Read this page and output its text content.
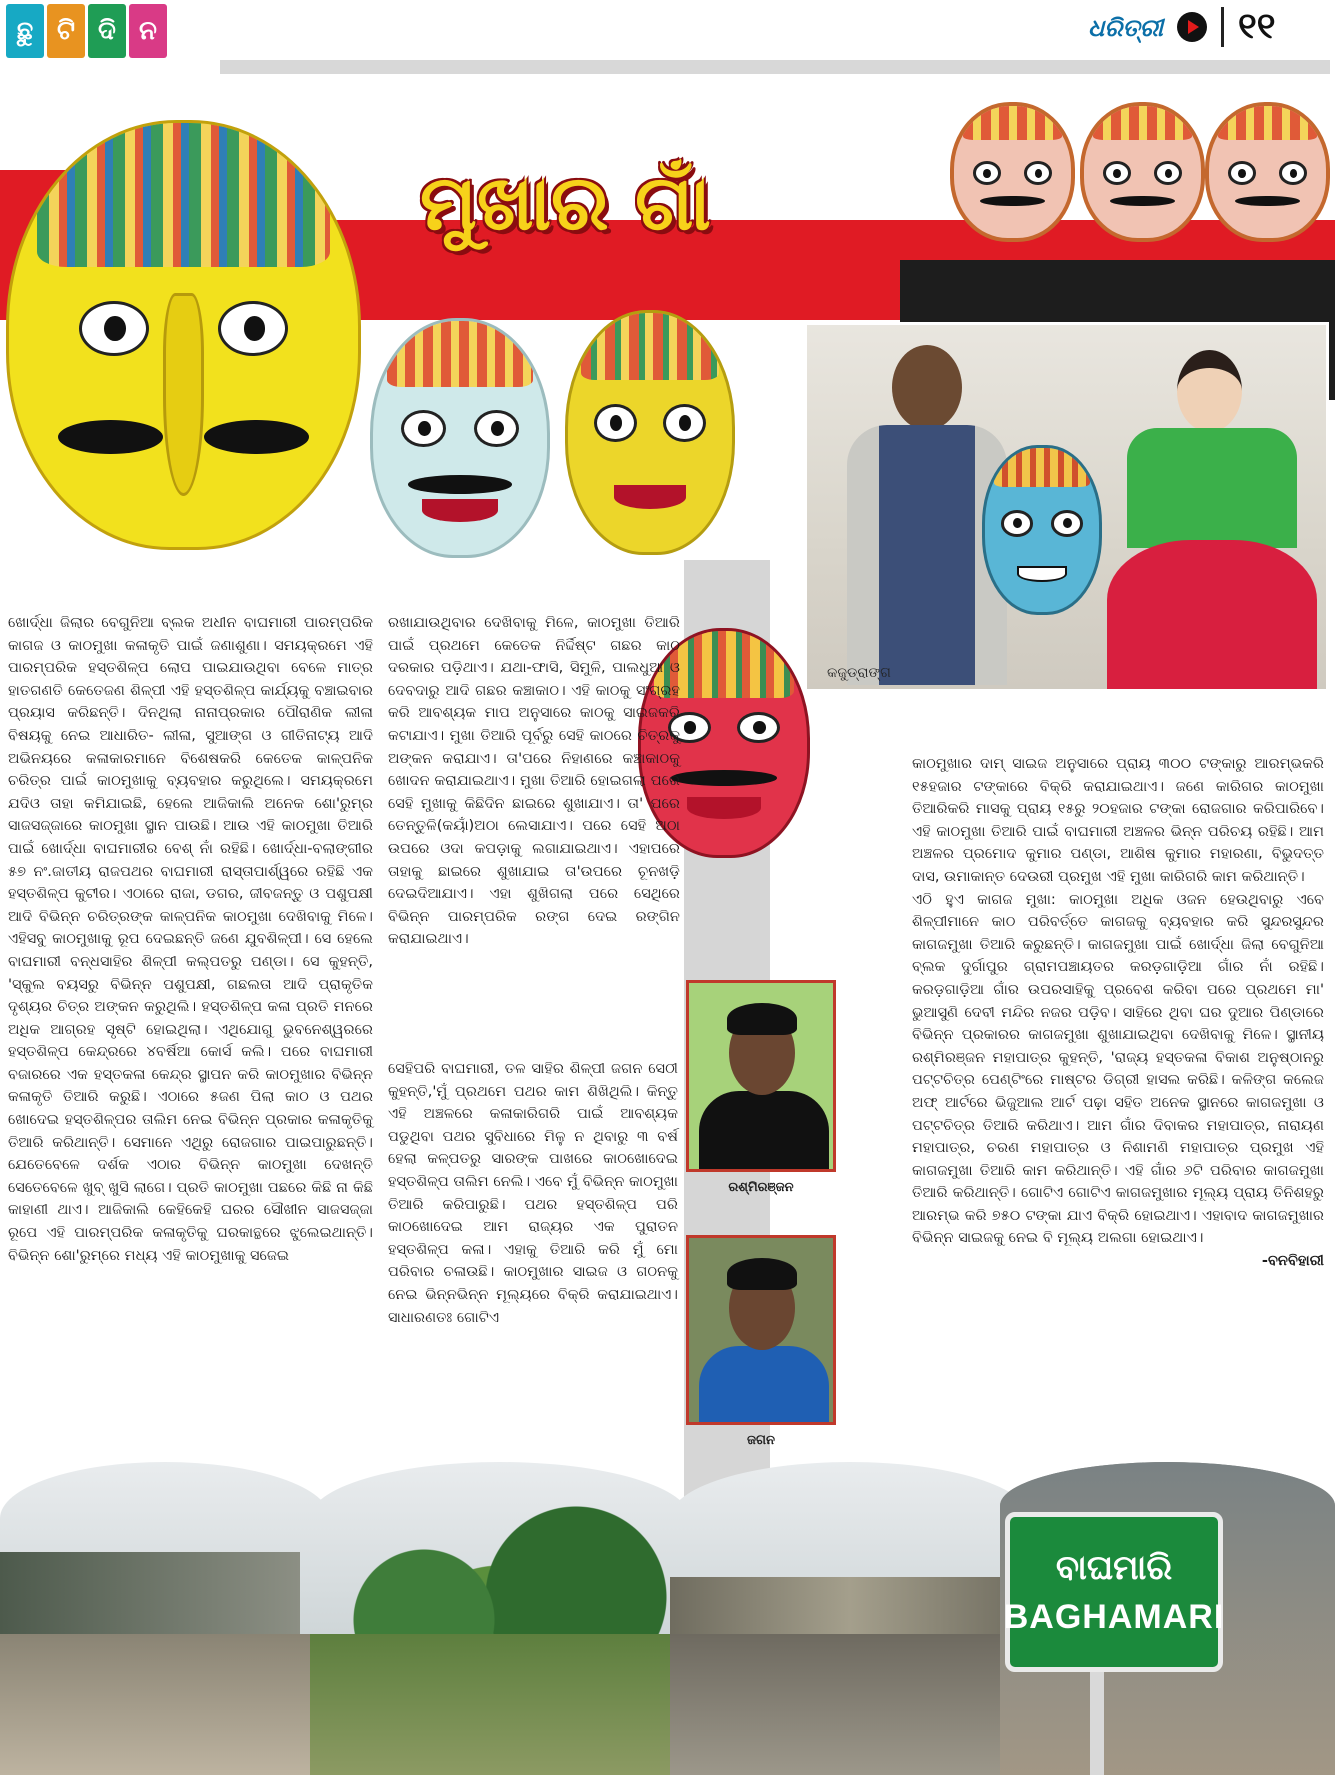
ଛୁ ଟି ଦି ନ	ଧରିତ୍ରୀ ୧୧
ମୁଖାର ଗାଁ
କଜୁଡ୍ରାଙ୍ଗ

ଖୋର୍ଦ୍ଧା ଜିଲାର ବେଗୁନିଆ ବ୍ଲକ ଅଧୀନ ବାଘମାରୀ ପାରମ୍ପରିକ କାଗଜ ଓ କାଠମୁଖା କଳାକୃତି ପାଇଁ ଜଣାଶୁଣା। ସମୟକ୍ରମେ ଏହି ପାରମ୍ପରିକ ହସ୍ତଶିଳ୍ପ ଲୋପ ପାଇଯାଉଥିବା ବେଳେ ମାତ୍ର ହାତଗଣତି କେତେଜଣ ଶିଳ୍ପୀ ଏହି ହସ୍ତଶିଳ୍ପ କାର୍ଯ୍ୟକୁ ବଞ୍ଚାଇବାର ପ୍ରୟାସ କରିଛନ୍ତି। ଦିନଥିଲା ନାନାପ୍ରକାର ପୌରାଣିକ ଲୀଳା ବିଷୟକୁ ନେଇ ଆଧାରିତ- ଲୀଳା, ସୁଆଙ୍ଗ ଓ ଗୀତିନାଟ୍ୟ ଆଦି ଅଭିନୟରେ କଳାକାରମାନେ ବିଶେଷକରି କେତେକ କାଳ୍ପନିକ ଚରିତ୍ର ପାଇଁ କାଠମୁଖାକୁ ବ୍ୟବହାର କରୁଥିଲେ। ସମୟକ୍ରମେ ଯଦିଓ ତାହା କମିଯାଇଛି, ହେଲେ ଆଜିକାଲି ଅନେକ ଶୋ'ରୁମ୍‌ର ସାଜସଜ୍ଜାରେ କାଠମୁଖା ସ୍ଥାନ ପାଉଛି। ଆଉ ଏହି କାଠମୁଖା ତିଆରି ପାଇଁ ଖୋର୍ଦ୍ଧା ବାଘମାରୀର ବେଶ୍ ନାଁ ରହିଛି। ଖୋର୍ଦ୍ଧା-ବଲାଙ୍ଗୀର ୫୭ ନଂ.ଜାତୀୟ ରାଜପଥର ବାଘମାରୀ ରାସ୍ତାପାର୍ଶ୍ୱରେ ରହିଛି ଏକ ହସ୍ତଶିଳ୍ପ କୁଟୀର। ଏଠାରେ ରାଜା, ଡଗର, ଜୀବଜନ୍ତୁ ଓ ପଶୁପକ୍ଷୀ ଆଦି ବିଭିନ୍ନ ଚରିତ୍ରଙ୍କ କାଳ୍ପନିକ କାଠମୁଖା ଦେଖିବାକୁ ମିଳେ। ଏହିସବୁ କାଠମୁଖାକୁ ରୂପ ଦେଇଛନ୍ତି ଜଣେ ଯୁବଶିଳ୍ପୀ। ସେ ହେଲେ ବାଘମାରୀ ବନ୍ଧସାହିର ଶିଳ୍ପୀ କଲ୍ପତରୁ ପଣ୍ଡା। ସେ କୁହନ୍ତି, 'ସ୍କୁଲ ବୟସରୁ ବିଭିନ୍ନ ପଶୁପକ୍ଷୀ, ଗଛଲତା ଆଦି ପ୍ରାକୃତିକ ଦୃଶ୍ୟର ଚିତ୍ର ଅଙ୍କନ କରୁଥିଲି। ହସ୍ତଶିଳ୍ପ କଳା ପ୍ରତି ମନରେ ଅଧିକ ଆଗ୍ରହ ସୃଷ୍ଟି ହୋଇଥିଲା। ଏଥିଯୋଗୁ ଭୁବନେଶ୍ୱରରେ ହସ୍ତଶିଳ୍ପ କେନ୍ଦ୍ରରେ ୪ବର୍ଷିଆ କୋର୍ସ କଲି। ପରେ ବାଘମାରୀ ବଜାରରେ ଏକ ହସ୍ତକଳା କେନ୍ଦ୍ର ସ୍ଥାପନ କରି କାଠମୁଖାର ବିଭିନ୍ନ କଳାକୃତି ତିଆରି କରୁଛି। ଏଠାରେ ୫ଜଣ ପିଲା କାଠ ଓ ପଥର ଖୋଦେଇ ହସ୍ତଶିଳ୍ପର ତାଲିମ ନେଇ ବିଭିନ୍ନ ପ୍ରକାର କଳାକୃତିକୁ ତିଆରି କରିଥାନ୍ତି। ସେମାନେ ଏଥିରୁ ରୋଜଗାର ପାଇପାରୁଛନ୍ତି। ଯେତେବେଳେ ଦର୍ଶକ ଏଠାର ବିଭିନ୍ନ କାଠମୁଖା ଦେଖନ୍ତି ସେତେବେଳେ ଖୁବ୍ ଖୁସି ଲାଗେ। ପ୍ରତି କାଠମୁଖା ପଛରେ କିଛି ନା କିଛି କାହାଣୀ ଥାଏ। ଆଜିକାଲି କେହିକେହି ଘରର ସୌଖୀନ ସାଜସଜ୍ଜା ରୂପେ ଏହି ପାରମ୍ପରିକ କଳାକୃତିକୁ ଘରକାନ୍ଥରେ ଝୁଲେଇଥାନ୍ତି। ବିଭିନ୍ନ ଶୋ'ରୁମ୍‌ରେ ମଧ୍ୟ ଏହି କାଠମୁଖାକୁ ସଜେଇ

ରଖାଯାଉଥିବାର ଦେଖିବାକୁ ମିଳେ, କାଠମୁଖା ତିଆରି ପାଇଁ ପ୍ରଥମେ କେତେକ ନିର୍ଦ୍ଦିଷ୍ଟ ଗଛର କାଠ ଦରକାର ପଡ଼ିଥାଏ। ଯଥା-ଫାସି, ସିମୁଳି, ପାଲଧୁଆ ଓ ଦେବଦାରୁ ଆଦି ଗଛର କଞ୍ଚାକାଠ। ଏହି କାଠକୁ ସଂଗ୍ରହ କରି ଆବଶ୍ୟକ ମାପ ଅନୁସାରେ କାଠକୁ ସାଇଜକରି କଟାଯାଏ। ମୁଖା ତିଆରି ପୂର୍ବରୁ ସେହି କାଠରେ ଚିତ୍ରକୁ ଅଙ୍କନ କରାଯାଏ। ତା'ପରେ ନିହାଣରେ କଞ୍ଚାକାଠକୁ ଖୋଦନ କରାଯାଇଥାଏ। ମୁଖା ତିଆରି ହୋଇଗଲା ପରେ ସେହି ମୁଖାକୁ କିଛିଦିନ ଛାଇରେ ଶୁଖାଯାଏ। ତା' ପରେ ତେନ୍ତୁଳି(କୟାଁ)ଅଠା ଲେସାଯାଏ। ପରେ ସେହି ଅଠା ଉପରେ ଓଦା କପଡ଼ାକୁ ଲଗାଯାଇଥାଏ। ଏହାପରେ ତାହାକୁ ଛାଇରେ ଶୁଖାଯାଇ ତା'ଉପରେ ଚୂନଖଡ଼ି ଦେଇଦିଆଯାଏ। ଏହା ଶୁଖିଗଲା ପରେ ସେଥିରେ ବିଭିନ୍ନ ପାରମ୍ପରିକ ରଙ୍ଗ ଦେଇ ରଙ୍ଗିନ କରାଯାଇଥାଏ।

ସେହିପରି ବାଘମାରୀ, ତଳ ସାହିର ଶିଳ୍ପୀ ଜଗନ ସେଠୀ କୁହନ୍ତି,'ମୁଁ ପ୍ରଥମେ ପଥର କାମ ଶିଖିଥିଲି। କିନ୍ତୁ ଏହି ଅଞ୍ଚଳରେ କଳାକାରିଗରି ପାଇଁ ଆବଶ୍ୟକ ପଡୁଥିବା ପଥର ସୁବିଧାରେ ମିଳୁ ନ ଥିବାରୁ ୩ ବର୍ଷ ହେଲା କଳ୍ପତରୁ ସାରଙ୍କ ପାଖରେ କାଠଖୋଦେଇ ହସ୍ତଶିଳ୍ପ ତାଲିମ ନେଲି। ଏବେ ମୁଁ ବିଭିନ୍ନ କାଠମୁଖା ତିଆରି କରିପାରୁଛି। ପଥର ହସ୍ତଶିଳ୍ପ ପରି କାଠଖୋଦେଇ ଆମ ରାଜ୍ୟର ଏକ ପୁରାତନ ହସ୍ତଶିଳ୍ପ କଳା। ଏହାକୁ ତିଆରି କରି ମୁଁ ମୋ ପରିବାର ଚଳାଉଛି। କାଠମୁଖାର ସାଇଜ ଓ ଗଠନକୁ ନେଇ ଭିନ୍ନଭିନ୍ନ ମୂଲ୍ୟରେ ବିକ୍ରି କରାଯାଇଥାଏ। ସାଧାରଣତଃ ଗୋଟିଏ

କାଠମୁଖାର ଦାମ୍ ସାଇଜ ଅନୁସାରେ ପ୍ରାୟ ୩୦୦ ଟଙ୍କାରୁ ଆରମ୍ଭକରି ୧୫ହଜାର ଟଙ୍କାରେ ବିକ୍ରି କରାଯାଇଥାଏ। ଜଣେ କାରିଗର କାଠମୁଖା ତିଆରିକରି ମାସକୁ ପ୍ରାୟ ୧୫ରୁ ୨୦ହଜାର ଟଙ୍କା ରୋଜଗାର କରିପାରିବେ। ଏହି କାଠମୁଖା ତିଆରି ପାଇଁ ବାଘମାରୀ ଅଞ୍ଚଳର ଭିନ୍ନ ପରିଚୟ ରହିଛି। ଆମ ଅଞ୍ଚଳର ପ୍ରମୋଦ କୁମାର ପଣ୍ଡା, ଆଶିଷ କୁମାର ମହାରଣା, ବିଭୁଦତ୍ତ ଦାସ, ଉମାକାନ୍ତ ଦେଉରୀ ପ୍ରମୁଖ ଏହି ମୁଖା କାରିଗରି କାମ କରିଥାନ୍ତି।

ଏଠି ହୁଏ କାଗଜ ମୁଖା: କାଠମୁଖା ଅଧିକ ଓଜନ ହେଉଥିବାରୁ ଏବେ ଶିଳ୍ପୀମାନେ କାଠ ପରିବର୍ତ୍ତେ କାଗଜକୁ ବ୍ୟବହାର କରି ସୁନ୍ଦରସୁନ୍ଦର କାଗଜମୁଖା ତିଆରି କରୁଛନ୍ତି। କାଗଜମୁଖା ପାଇଁ ଖୋର୍ଦ୍ଧା ଜିଲା ବେଗୁନିଆ ବ୍ଲକ ଦୁର୍ଗାପୁର ଗ୍ରାମପଞ୍ଚାୟତର କରଡ଼ଗାଡ଼ିଆ ଗାଁର ନାଁ ରହିଛି। କରଡ଼ଗାଡ଼ିଆ ଗାଁର ଉପରସାହିକୁ ପ୍ରବେଶ କରିବା ପରେ ପ୍ରଥମେ ମା' ଭୁଆସୁଣି ଦେବୀ ମନ୍ଦିର ନଜର ପଡ଼ିବ। ସାହିରେ ଥିବା ଘର ଦୁଆର ପିଣ୍ଡାରେ ବିଭିନ୍ନ ପ୍ରକାରର କାଗଜମୁଖା ଶୁଖାଯାଇଥିବା ଦେଖିବାକୁ ମିଳେ। ସ୍ଥାନୀୟ ରଶ୍ମିରଞ୍ଜନ ମହାପାତ୍ର କୁହନ୍ତି, 'ରାଜ୍ୟ ହସ୍ତକଳା ବିକାଶ ଅନୁଷ୍ଠାନରୁ ପଟ୍ଟଚିତ୍ର ପେଣ୍ଟିଂରେ ମାଷ୍ଟର ଡିଗ୍ରୀ ହାସଲ କରିଛି। କଳିଙ୍ଗ କଲେଜ ଅଫ୍ ଆର୍ଟରେ ଭିଜୁଆଲ ଆର୍ଟ ପଢ଼ା ସହିତ ଅନେକ ସ୍ଥାନରେ କାଗଜମୁଖା ଓ ପଟ୍ଟଚିତ୍ର ତିଆରି କରିଥାଏ। ଆମ ଗାଁର ଦିବାକର ମହାପାତ୍ର, ନାରାୟଣ ମହାପାତ୍ର, ଚରଣ ମହାପାତ୍ର ଓ ନିଶାମଣି ମହାପାତ୍ର ପ୍ରମୁଖ ଏହି କାଗଜମୁଖା ତିଆରି କାମ କରିଥାନ୍ତି। ଏହି ଗାଁର ୬ଟି ପରିବାର କାଗଜମୁଖା ତିଆରି କରିଥାନ୍ତି। ଗୋଟିଏ ଗୋଟିଏ କାଗଜମୁଖାର ମୂଲ୍ୟ ପ୍ରାୟ ତିନିଶହରୁ ଆରମ୍ଭ କରି ୭୫୦ ଟଙ୍କା ଯାଏ ବିକ୍ରି ହୋଇଥାଏ। ଏହାବାଦ କାଗଜମୁଖାର ବିଭିନ୍ନ ସାଇଜକୁ ନେଇ ବି ମୂଲ୍ୟ ଅଲଗା ହୋଇଥାଏ।

-ବନବିହାରୀ

ରଶ୍ମିରଞ୍ଜନ
ଜଗନ
ବାଘମାରି
BAGHAMARI
